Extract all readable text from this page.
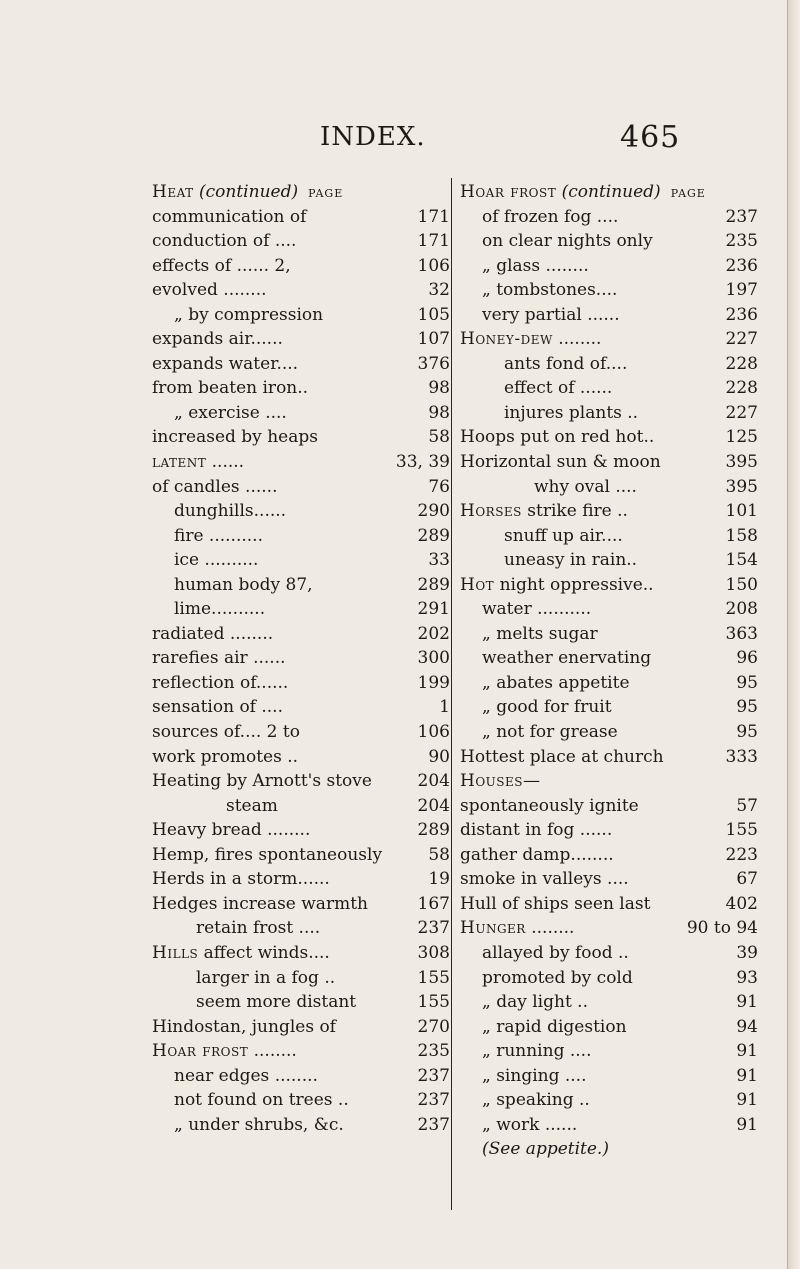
INDEX.	465
Heat (continued) PAGE
communication of	171
conduction of ....	171
effects of ...... 2,	106
evolved ........	32
„ by compression	105
expands air......	107
expands water....	376
from beaten iron..	98
„ exercise ....	98
increased by heaps	58
latent ......	33, 39
of candles ......	76
dunghills......	290
fire ..........	289
ice ..........	33
human body 87,	289
lime..........	291
radiated ........	202
rarefies air ......	300
reflection of......	199
sensation of ....	1
sources of.... 2 to	106
work promotes ..	90
Heating by Arnott's stove	204
steam	204
Heavy bread ........	289
Hemp, fires spontaneously	58
Herds in a storm......	19
Hedges increase warmth	167
retain frost ....	237
Hills affect winds....	308
larger in a fog ..	155
seem more distant	155
Hindostan, jungles of	270
Hoar frost ........	235
near edges ........	237
not found on trees ..	237
„ under shrubs, &c.	237
Hoar frost (continued) PAGE
of frozen fog ....	237
on clear nights only	235
„ glass ........	236
„ tombstones....	197
very partial ......	236
Honey-dew ........	227
ants fond of....	228
effect of ......	228
injures plants ..	227
Hoops put on red hot..	125
Horizontal sun & moon	395
why oval ....	395
Horses strike fire ..	101
snuff up air....	158
uneasy in rain..	154
Hot night oppressive..	150
water ..........	208
„ melts sugar	363
weather enervating	96
„ abates appetite	95
„ good for fruit	95
„ not for grease	95
Hottest place at church	333
Houses—
spontaneously ignite	57
distant in fog ......	155
gather damp........	223
smoke in valleys ....	67
Hull of ships seen last	402
Hunger ........	90 to 94
allayed by food ..	39
promoted by cold	93
„ day light ..	91
„ rapid digestion	94
„ running ....	91
„ singing ....	91
„ speaking ..	91
„ work ......	91
(See appetite.)
